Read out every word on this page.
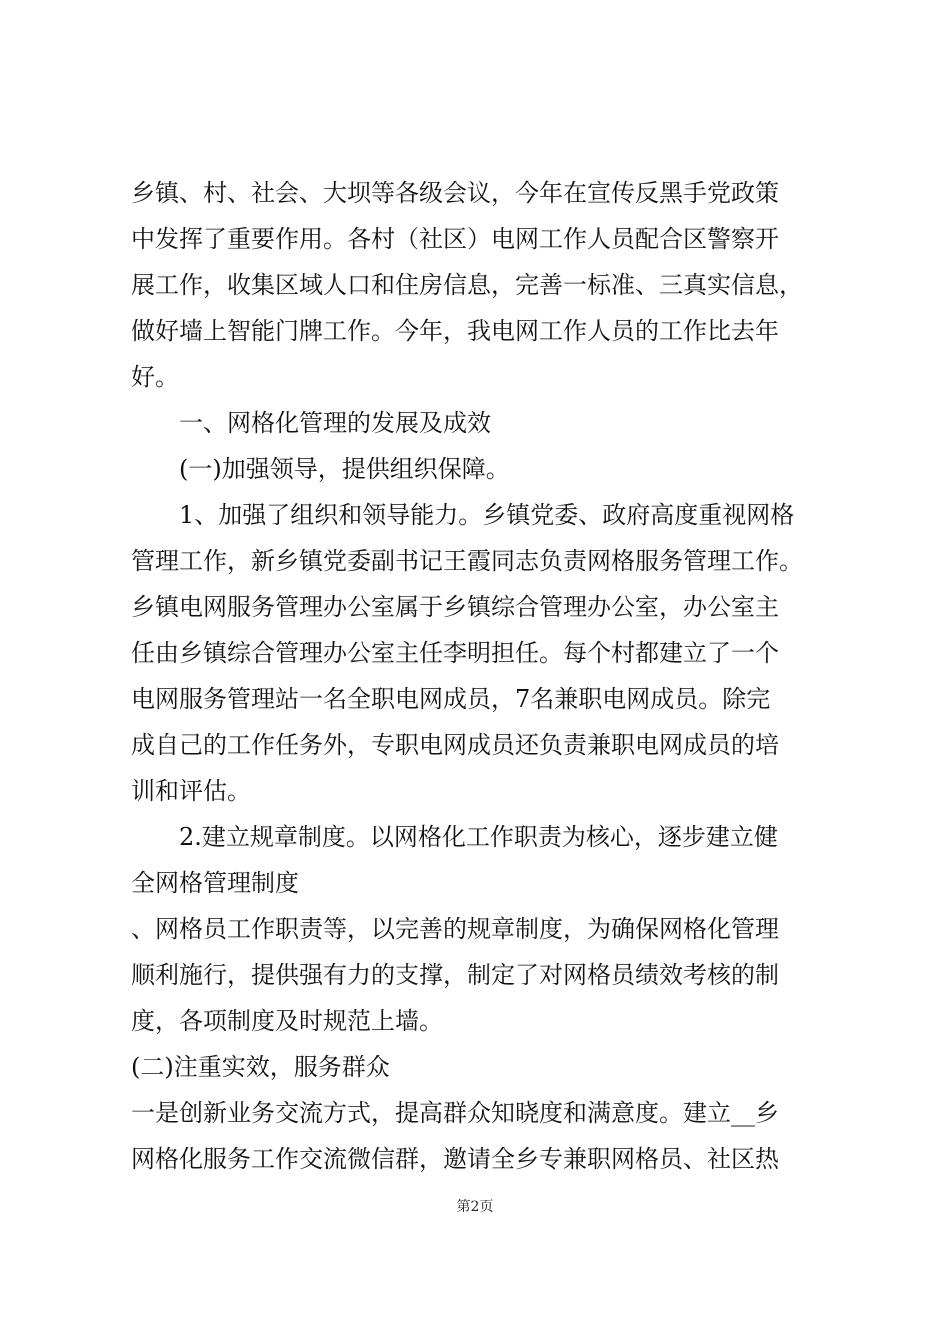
乡镇、村、社会、大坝等各级会议，今年在宣传反黑手党政策
中发挥了重要作用。各村（社区）电网工作人员配合区警察开
展工作，收集区域人口和住房信息，完善一标准、三真实信息，
做好墙上智能门牌工作。今年，我电网工作人员的工作比去年
好。
一、网格化管理的发展及成效
(一)加强领导，提供组织保障。
1、加强了组织和领导能力。乡镇党委、政府高度重视网格
管理工作，新乡镇党委副书记王霞同志负责网格服务管理工作。
乡镇电网服务管理办公室属于乡镇综合管理办公室，办公室主
任由乡镇综合管理办公室主任李明担任。每个村都建立了一个
电网服务管理站一名全职电网成员，7名兼职电网成员。除完
成自己的工作任务外，专职电网成员还负责兼职电网成员的培
训和评估。
2.建立规章制度。以网格化工作职责为核心，逐步建立健
全网格管理制度
、网格员工作职责等，以完善的规章制度，为确保网格化管理
顺利施行，提供强有力的支撑，制定了对网格员绩效考核的制
度，各项制度及时规范上墙。
(二)注重实效，服务群众
一是创新业务交流方式，提高群众知晓度和满意度。建立__乡
网格化服务工作交流微信群，邀请全乡专兼职网格员、社区热
第2页
